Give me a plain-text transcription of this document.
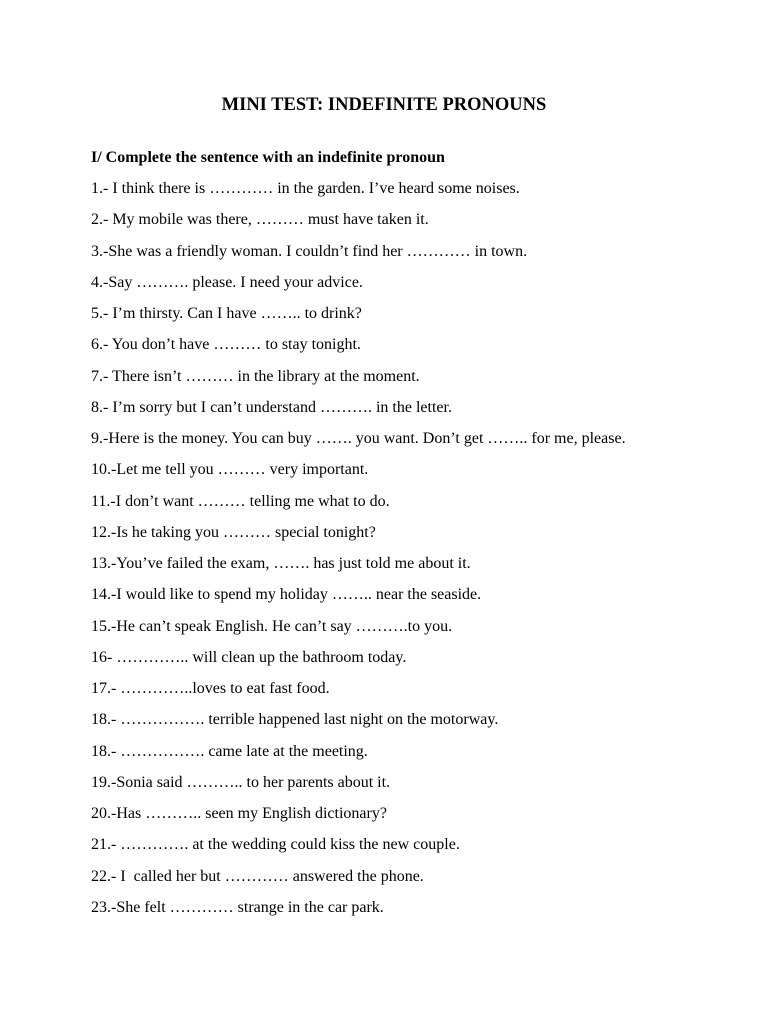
MINI TEST: INDEFINITE PRONOUNS

I/ Complete the sentence with an indefinite pronoun

1.- I think there is ………… in the garden. I’ve heard some noises.
2.- My mobile was there, ……… must have taken it.
3.-She was a friendly woman. I couldn’t find her ………… in town.
4.-Say ………. please. I need your advice.
5.- I’m thirsty. Can I have …….. to drink?
6.- You don’t have ……… to stay tonight.
7.- There isn’t ……… in the library at the moment.
8.- I’m sorry but I can’t understand ………. in the letter.
9.-Here is the money. You can buy ……. you want. Don’t get …….. for me, please.
10.-Let me tell you ……… very important.
11.-I don’t want ……… telling me what to do.
12.-Is he taking you ……… special tonight?
13.-You’ve failed the exam, ……. has just told me about it.
14.-I would like to spend my holiday …….. near the seaside.
15.-He can’t speak English. He can’t say ……….to you.
16- ………….. will clean up the bathroom today.
17.- …………..loves to eat fast food.
18.- ……………. terrible happened last night on the motorway.
18.- ……………. came late at the meeting.
19.-Sonia said ……….. to her parents about it.
20.-Has ……….. seen my English dictionary?
21.- …………. at the wedding could kiss the new couple.
22.- I  called her but ………… answered the phone.
23.-She felt ………… strange in the car park.
